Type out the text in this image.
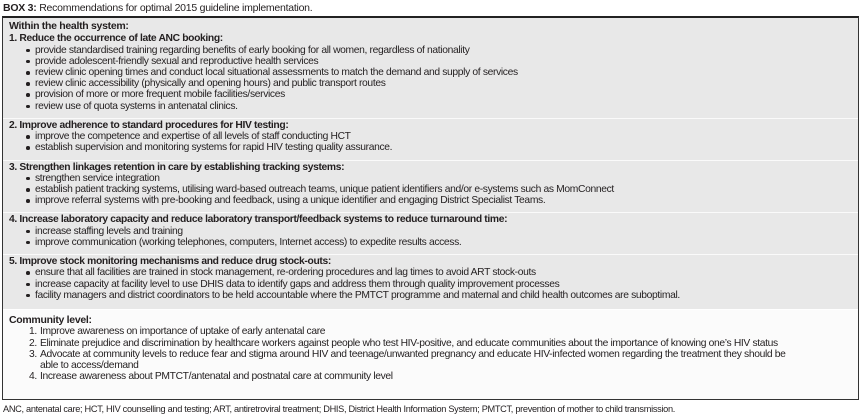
BOX 3: Recommendations for optimal 2015 guideline implementation.
Within the health system:
1. Reduce the occurrence of late ANC booking:
provide standardised training regarding benefits of early booking for all women, regardless of nationality
provide adolescent-friendly sexual and reproductive health services
review clinic opening times and conduct local situational assessments to match the demand and supply of services
review clinic accessibility (physically and opening hours) and public transport routes
provision of more or more frequent mobile facilities/services
review use of quota systems in antenatal clinics.
2. Improve adherence to standard procedures for HIV testing:
improve the competence and expertise of all levels of staff conducting HCT
establish supervision and monitoring systems for rapid HIV testing quality assurance.
3. Strengthen linkages retention in care by establishing tracking systems:
strengthen service integration
establish patient tracking systems, utilising ward-based outreach teams, unique patient identifiers and/or e-systems such as MomConnect
improve referral systems with pre-booking and feedback, using a unique identifier and engaging District Specialist Teams.
4. Increase laboratory capacity and reduce laboratory transport/feedback systems to reduce turnaround time:
increase staffing levels and training
improve communication (working telephones, computers, Internet access) to expedite results access.
5. Improve stock monitoring mechanisms and reduce drug stock-outs:
ensure that all facilities are trained in stock management, re-ordering procedures and lag times to avoid ART stock-outs
increase capacity at facility level to use DHIS data to identify gaps and address them through quality improvement processes
facility managers and district coordinators to be held accountable where the PMTCT programme and maternal and child health outcomes are suboptimal.
Community level:
1. Improve awareness on importance of uptake of early antenatal care
2. Eliminate prejudice and discrimination by healthcare workers against people who test HIV-positive, and educate communities about the importance of knowing one’s HIV status
3. Advocate at community levels to reduce fear and stigma around HIV and teenage/unwanted pregnancy and educate HIV-infected women regarding the treatment they should be able to access/demand
4. Increase awareness about PMTCT/antenatal and postnatal care at community level
ANC, antenatal care; HCT, HIV counselling and testing; ART, antiretroviral treatment; DHIS, District Health Information System; PMTCT, prevention of mother to child transmission.
